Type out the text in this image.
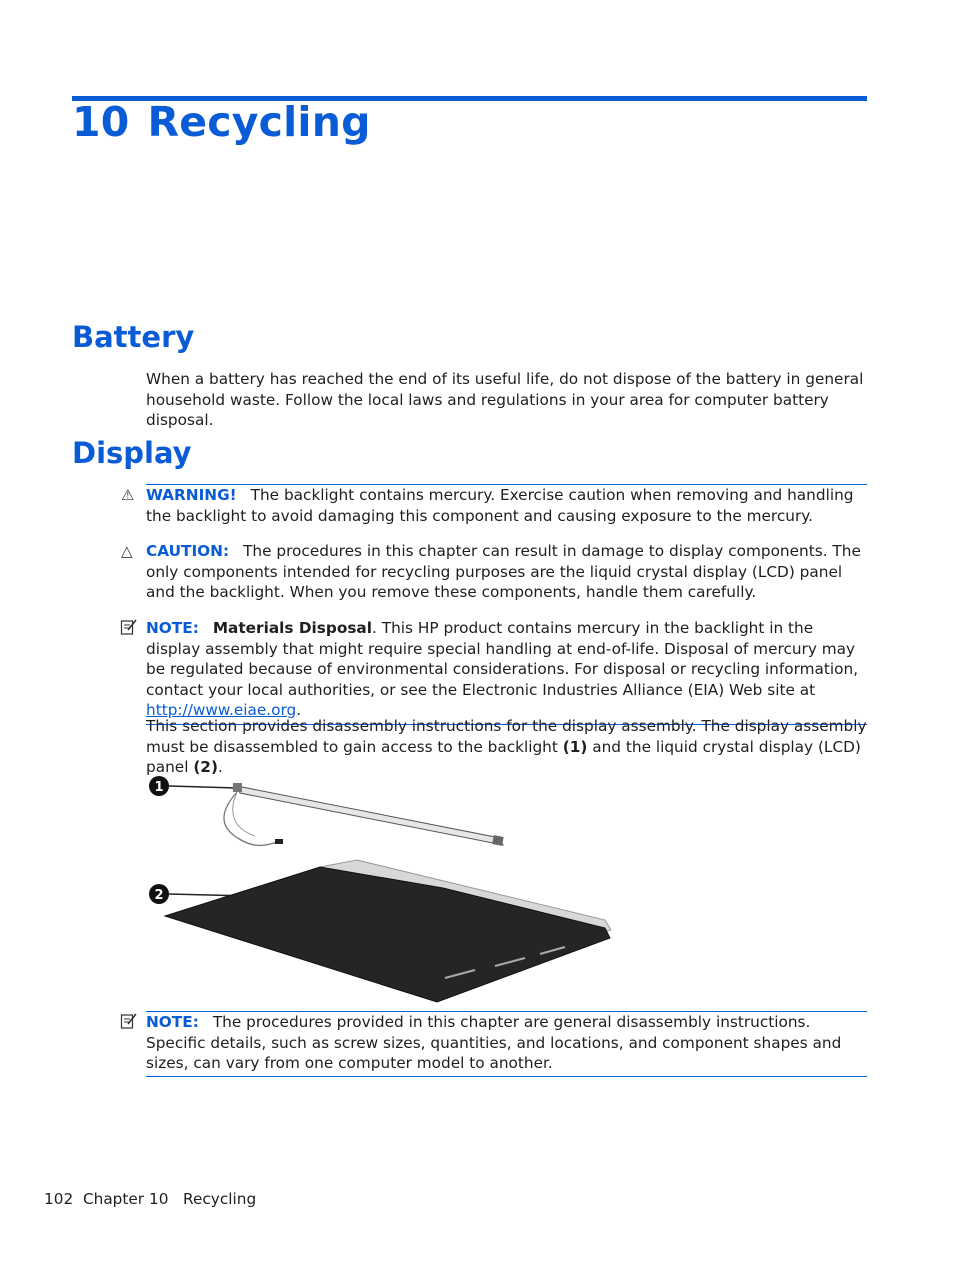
10 Recycling
Battery

When a battery has reached the end of its useful life, do not dispose of the battery in general household waste. Follow the local laws and regulations in your area for computer battery disposal.

Display
⚠ WARNING! The backlight contains mercury. Exercise caution when removing and handling the backlight to avoid damaging this component and causing exposure to the mercury.

△ CAUTION: The procedures in this chapter can result in damage to display components. The only components intended for recycling purposes are the liquid crystal display (LCD) panel and the backlight. When you remove these components, handle them carefully.

NOTE: Materials Disposal. This HP product contains mercury in the backlight in the display assembly that might require special handling at end-of-life. Disposal of mercury may be regulated because of environmental considerations. For disposal or recycling information, contact your local authorities, or see the Electronic Industries Alliance (EIA) Web site at http://www.eiae.org.

This section provides disassembly instructions for the display assembly. The display assembly must be disassembled to gain access to the backlight (1) and the liquid crystal display (LCD) panel (2).

1
2

NOTE: The procedures provided in this chapter are general disassembly instructions. Specific details, such as screw sizes, quantities, and locations, and component shapes and sizes, can vary from one computer model to another.

102 Chapter 10 Recycling
